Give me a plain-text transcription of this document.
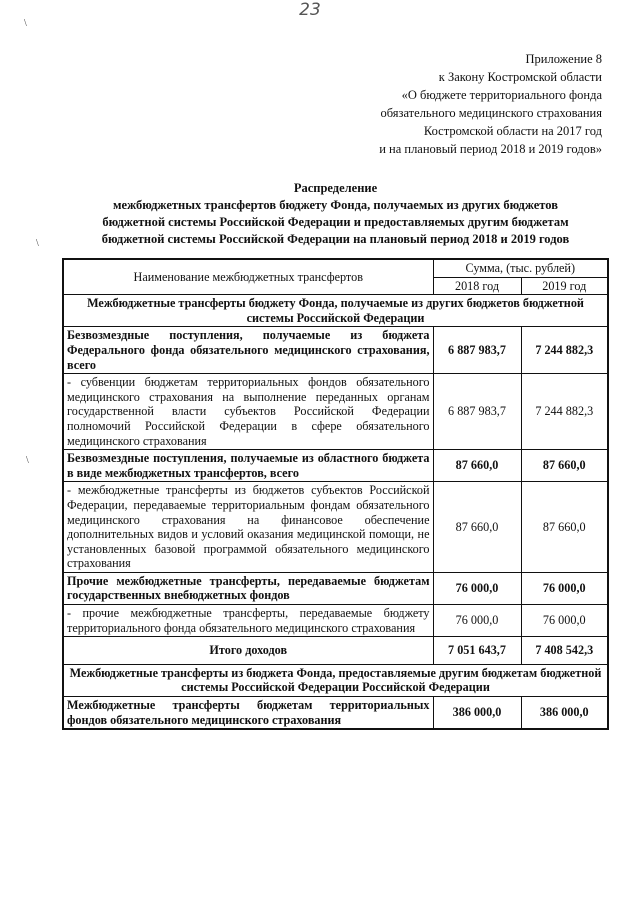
23
Приложение 8
к Закону Костромской области
«О бюджете территориального фонда
обязательного медицинского страхования
Костромской области на 2017 год
и на плановый период 2018 и 2019 годов»
Распределение
межбюджетных трансфертов бюджету Фонда, получаемых из других бюджетов
бюджетной системы Российской Федерации и предоставляемых другим бюджетам
бюджетной системы Российской Федерации на плановый период 2018 и 2019 годов
\
\
\
Наименование межбюджетных трансфертов	Сумма, (тыс. рублей)	
	2018 год	2019 год
Межбюджетные трансферты бюджету Фонда, получаемые из других бюджетов бюджетной системы Российской Федерации		
Безвозмездные поступления, получаемые из бюджета Федерального фонда обязательного медицинского страхования, всего	6 887 983,7	7 244 882,3
- субвенции бюджетам территориальных фондов обязательного медицинского страхования на выполнение переданных органам государственной власти субъектов Российской Федерации полномочий Российской Федерации в сфере обязательного медицинского страхования	6 887 983,7	7 244 882,3
Безвозмездные поступления, получаемые из областного бюджета в виде межбюджетных трансфертов, всего	87 660,0	87 660,0
- межбюджетные трансферты из бюджетов субъектов Российской Федерации, передаваемые территориальным фондам обязательного медицинского страхования на финансовое обеспечение дополнительных видов и условий оказания медицинской помощи, не установленных базовой программой обязательного медицинского страхования	87 660,0	87 660,0
Прочие межбюджетные трансферты, передаваемые бюджетам государственных внебюджетных фондов	76 000,0	76 000,0
- прочие межбюджетные трансферты, передаваемые бюджету территориального фонда обязательного медицинского страхования	76 000,0	76 000,0
Итого доходов	7 051 643,7	7 408 542,3
Межбюджетные трансферты из бюджета Фонда, предоставляемые другим бюджетам бюджетной системы Российской Федерации Российской Федерации		
Межбюджетные трансферты бюджетам территориальных фондов обязательного медицинского страхования	386 000,0	386 000,0
